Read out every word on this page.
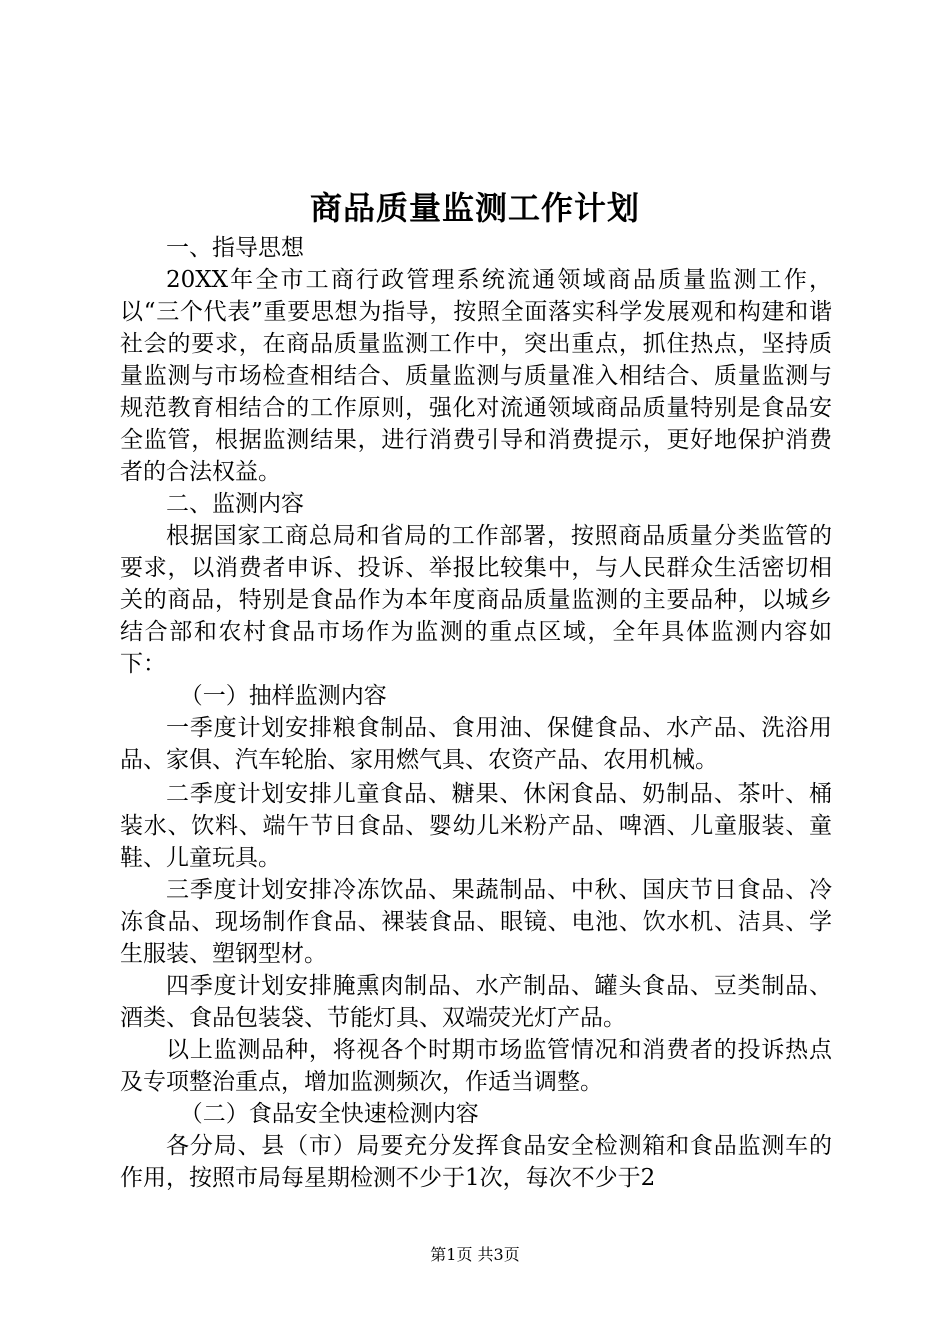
商品质量监测工作计划

一、指导思想

20XX年全市工商行政管理系统流通领域商品质量监测工作，以“三个代表”重要思想为指导，按照全面落实科学发展观和构建和谐社会的要求，在商品质量监测工作中，突出重点，抓住热点，坚持质量监测与市场检查相结合、质量监测与质量准入相结合、质量监测与规范教育相结合的工作原则，强化对流通领域商品质量特别是食品安全监管，根据监测结果，进行消费引导和消费提示，更好地保护消费者的合法权益。

二、监测内容

根据国家工商总局和省局的工作部署，按照商品质量分类监管的要求，以消费者申诉、投诉、举报比较集中，与人民群众生活密切相关的商品，特别是食品作为本年度商品质量监测的主要品种，以城乡结合部和农村食品市场作为监测的重点区域，全年具体监测内容如下：

（一）抽样监测内容

一季度计划安排粮食制品、食用油、保健食品、水产品、洗浴用品、家俱、汽车轮胎、家用燃气具、农资产品、农用机械。

二季度计划安排儿童食品、糖果、休闲食品、奶制品、茶叶、桶装水、饮料、端午节日食品、婴幼儿米粉产品、啤酒、儿童服装、童鞋、儿童玩具。

三季度计划安排冷冻饮品、果蔬制品、中秋、国庆节日食品、冷冻食品、现场制作食品、裸装食品、眼镜、电池、饮水机、洁具、学生服装、塑钢型材。

四季度计划安排腌熏肉制品、水产制品、罐头食品、豆类制品、酒类、食品包装袋、节能灯具、双端荧光灯产品。

以上监测品种，将视各个时期市场监管情况和消费者的投诉热点及专项整治重点，增加监测频次，作适当调整。

（二）食品安全快速检测内容

各分局、县（市）局要充分发挥食品安全检测箱和食品监测车的作用，按照市局每星期检测不少于1次，每次不少于2

第1页 共3页
